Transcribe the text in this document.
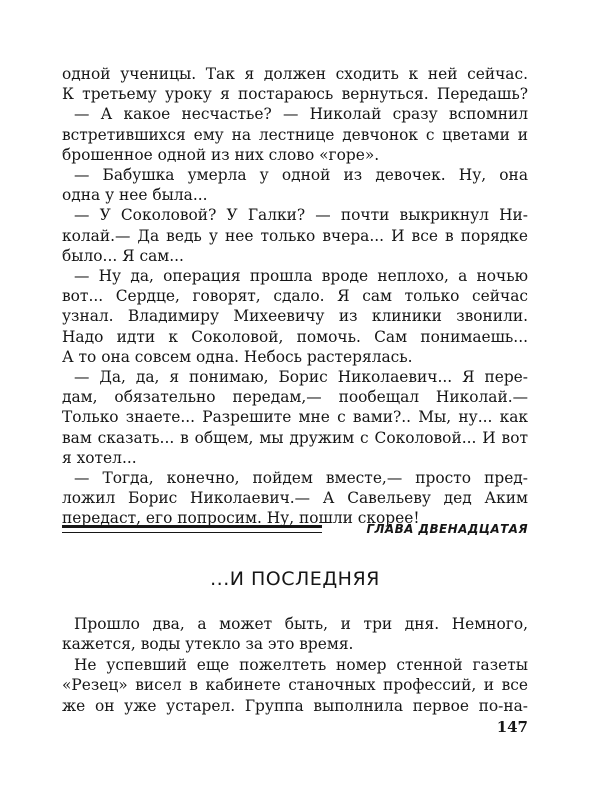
одной ученицы. Так я должен сходить к ней сейчас.
К третьему уроку я постараюсь вернуться. Передашь?
— А какое несчастье? — Николай сразу вспомнил
встретившихся ему на лестнице девчонок с цветами и
брошенное одной из них слово «горе».
— Бабушка умерла у одной из девочек. Ну, она
одна у нее была...
— У Соколовой? У Галки? — почти выкрикнул Ни-
колай.— Да ведь у нее только вчера... И все в порядке
было... Я сам...
— Ну да, операция прошла вроде неплохо, а ночью
вот... Сердце, говорят, сдало. Я сам только сейчас
узнал. Владимиру Михеевичу из клиники звонили.
Надо идти к Соколовой, помочь. Сам понимаешь...
А то она совсем одна. Небось растерялась.
— Да, да, я понимаю, Борис Николаевич... Я пере-
дам, обязательно передам,— пообещал Николай.—
Только знаете... Разрешите мне с вами?.. Мы, ну... как
вам сказать... в общем, мы дружим с Соколовой... И вот
я хотел...
— Тогда, конечно, пойдем вместе,— просто пред-
ложил Борис Николаевич.— А Савельеву дед Аким
передаст, его попросим. Ну, пошли скорее!
ГЛАВА ДВЕНАДЦАТАЯ
...И ПОСЛЕДНЯЯ
Прошло два, а может быть, и три дня. Немного,
кажется, воды утекло за это время.
Не успевший еще пожелтеть номер стенной газеты
«Резец» висел в кабинете станочных профессий, и все
же он уже устарел. Группа выполнила первое по-на-
147
